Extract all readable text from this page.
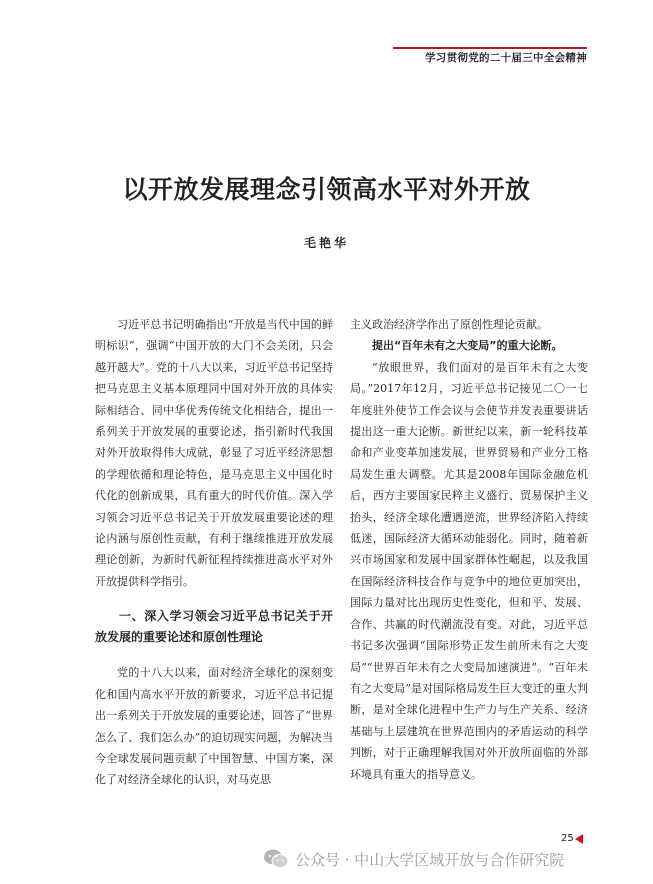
学习贯彻党的二十届三中全会精神
以开放发展理念引领高水平对外开放
毛艳华

习近平总书记明确指出“开放是当代中国的鲜明标识”，强调“中国开放的大门不会关闭，只会越开越大”。党的十八大以来，习近平总书记坚持把马克思主义基本原理同中国对外开放的具体实际相结合、同中华优秀传统文化相结合，提出一系列关于开放发展的重要论述，指引新时代我国对外开放取得伟大成就，彰显了习近平经济思想的学理依循和理论特色，是马克思主义中国化时代化的创新成果，具有重大的时代价值。深入学习领会习近平总书记关于开放发展重要论述的理论内涵与原创性贡献，有利于继续推进开放发展理论创新，为新时代新征程持续推进高水平对外开放提供科学指引。

一、深入学习领会习近平总书记关于开放发展的重要论述和原创性理论

党的十八大以来，面对经济全球化的深刻变化和国内高水平开放的新要求，习近平总书记提出一系列关于开放发展的重要论述，回答了“世界怎么了、我们怎么办”的迫切现实问题，为解决当今全球发展问题贡献了中国智慧、中国方案，深化了对经济全球化的认识，对马克思

主义政治经济学作出了原创性理论贡献。

提出“百年未有之大变局”的重大论断。

“放眼世界，我们面对的是百年未有之大变局。”2017年12月，习近平总书记接见二〇一七年度驻外使节工作会议与会使节并发表重要讲话提出这一重大论断。新世纪以来，新一轮科技革命和产业变革加速发展，世界贸易和产业分工格局发生重大调整。尤其是2008年国际金融危机后，西方主要国家民粹主义盛行、贸易保护主义抬头，经济全球化遭遇逆流，世界经济陷入持续低迷，国际经济大循环动能弱化。同时，随着新兴市场国家和发展中国家群体性崛起，以及我国在国际经济科技合作与竞争中的地位更加突出，国际力量对比出现历史性变化，但和平、发展、合作、共赢的时代潮流没有变。对此，习近平总书记多次强调“国际形势正发生前所未有之大变局”“世界百年未有之大变局加速演进”。“百年未有之大变局”是对国际格局发生巨大变迁的重大判断，是对全球化进程中生产力与生产关系、经济基础与上层建筑在世界范围内的矛盾运动的科学判断，对于正确理解我国对外开放所面临的外部环境具有重大的指导意义。

25
公众号 · 中山大学区域开放与合作研究院
